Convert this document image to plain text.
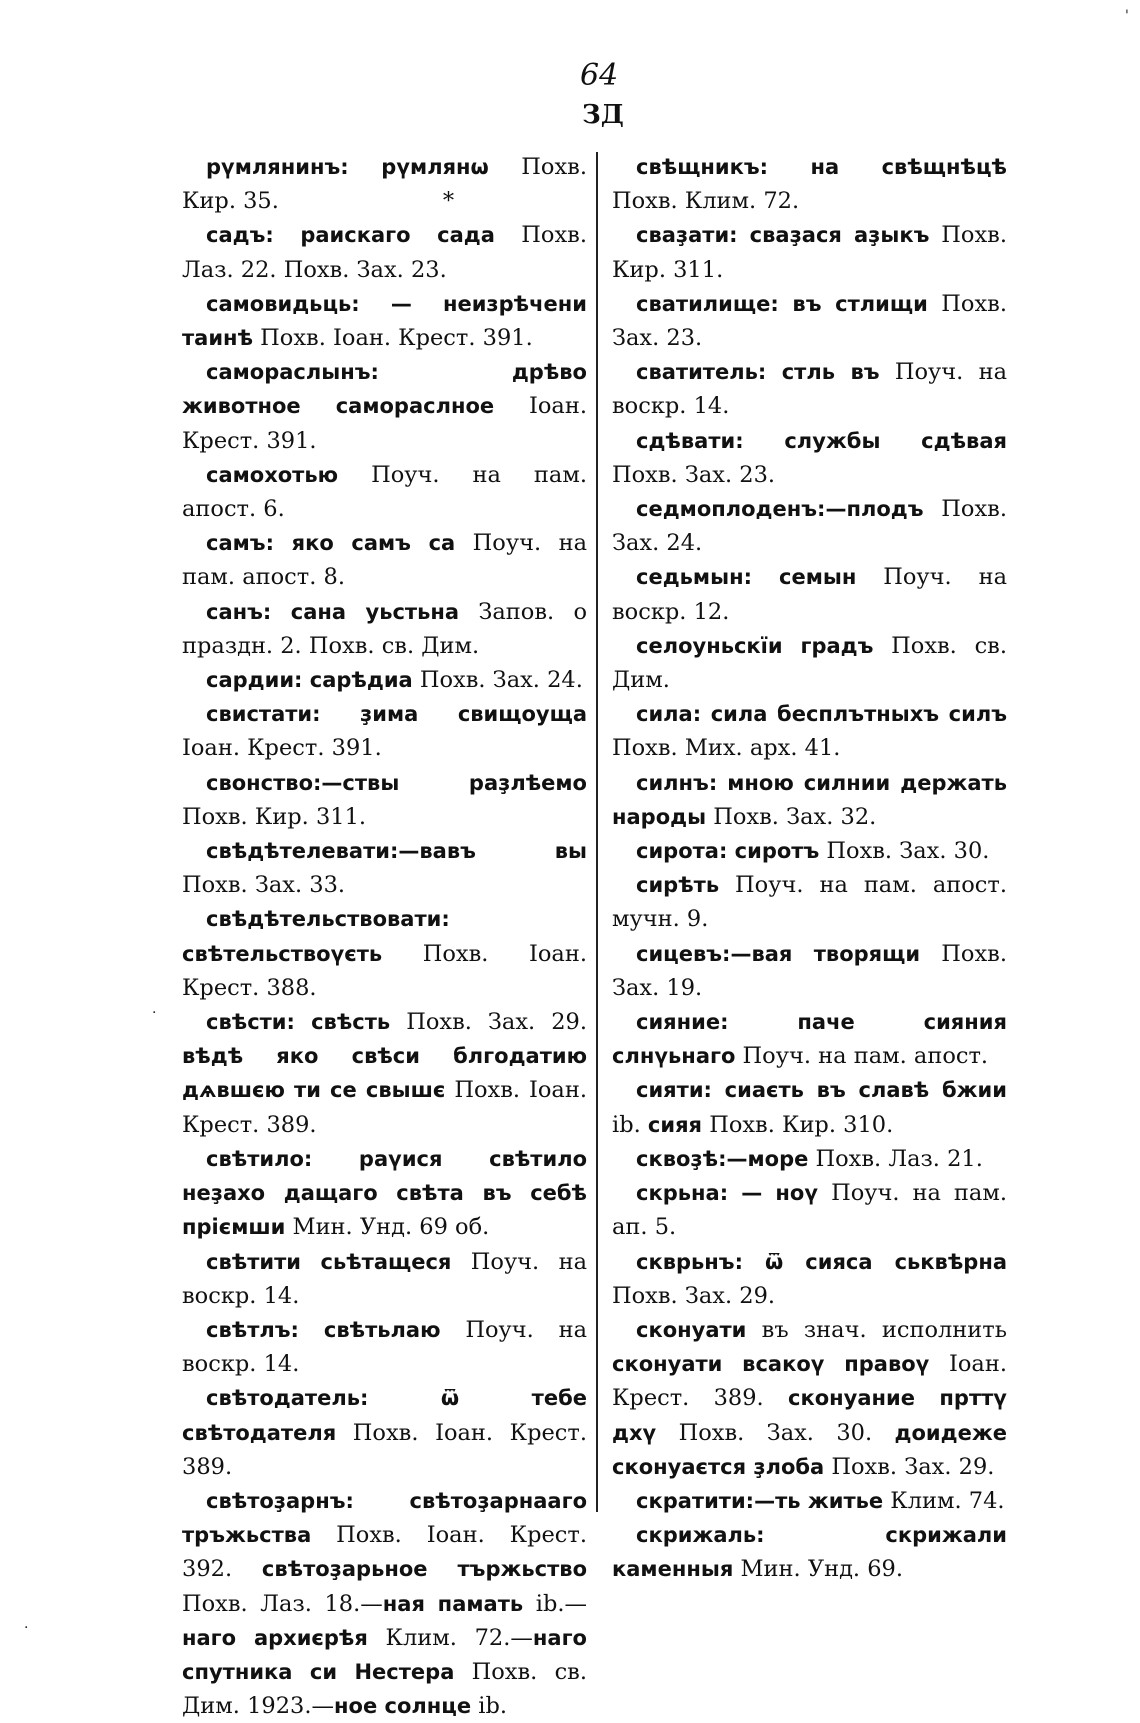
64
ЗД

рүмлянинъ: рүмлянѡ Похв. Кир. 35.	*

садъ: раискаго сада Похв. Лаз. 22. Похв. Зах. 23.

самовидьць: — неизрѣчени таинѣ Похв. Іоан. Крест. 391.

самораслынъ: дрѣво животное самораслное Іоан. Крест. 391.

самохотью Поуч. на пам. апост. 6.

самъ: яко самъ са Поуч. на пам. апост. 8.

санъ: сана уьстьна Запов. о праздн. 2. Похв. св. Дим.

сардии: сарѣдиа Похв. Зах. 24.

свистати: ҙима свищоуща Іоан. Крест. 391.

свонство:—ствы раҙлѣемо Похв. Кир. 311.

свѣдѣтелевати:—вавъ вы Похв. Зах. 33.

свѣдѣтельствовати: свѣтельствоүєть Похв. Іоан. Крест. 388.

свѣсти: свѣсть Похв. Зах. 29. вѣдѣ яко свѣси блгодатию дѧвшєю ти се свышє Похв. Іоан. Крест. 389.

свѣтило: раүися свѣтило неҙахо дащаго свѣта въ себѣ пріємши Мин. Унд. 69 об.

свѣтити сьѣтащеся Поуч. на воскр. 14.

свѣтлъ: свѣтьлаю Поуч. на воскр. 14.

свѣтодатель: ѿ тебе свѣтодателя Похв. Іоан. Крест. 389.

свѣтоҙарнъ: свѣтоҙарнааго тръжьства Похв. Іоан. Крест. 392. свѣтоҙарьное тържьство Похв. Лаз. 18.—ная памать ib.—наго архиєрѣя Клим. 72.—наго спутника си Нестера Похв. св. Дим. 1923.—ное солнце ib.

свѣщникъ: на свѣщнѣцѣ Похв. Клим. 72.

сваҙати: сваҙася аҙыкъ Похв. Кир. 311.

сватилище: въ стлищи Похв. Зах. 23.

сватитель: стль въ Поуч. на воскр. 14.

сдѣвати: службы сдѣвая Похв. Зах. 23.

седмоплоденъ:—плодъ Похв. Зах. 24.

седьмын: семын Поуч. на воскр. 12.

селоуньскїи градъ Похв. св. Дим.

сила: сила бесплътныхъ силъ Похв. Мих. арх. 41.

силнъ: мною силнии держать народы Похв. Зах. 32.

сирота: сиротъ Похв. Зах. 30.

сирѣть Поуч. на пам. апост. мучн. 9.

сицевъ:—вая творящи Похв. Зах. 19.

сияние: паче сияния слнүьнаго Поуч. на пам. апост.

сияти: сиаєть въ славѣ бжии ib. сияя Похв. Кир. 310.

сквоҙѣ:—море Похв. Лаз. 21.

скрьна: — ноү Поуч. на пам. ап. 5.

скврьнъ: ѿ сияса ськвѣрна Похв. Зах. 29.

сконуати въ знач. исполнить сконуати всакоү правоү Іоан. Крест. 389. сконуание прттү дхү Похв. Зах. 30. доидеже сконуаєтся ҙлоба Похв. Зах. 29.

скратити:—ть житье Клим. 74.

скрижаль: скрижали каменныя Мин. Унд. 69.

'
·
·
